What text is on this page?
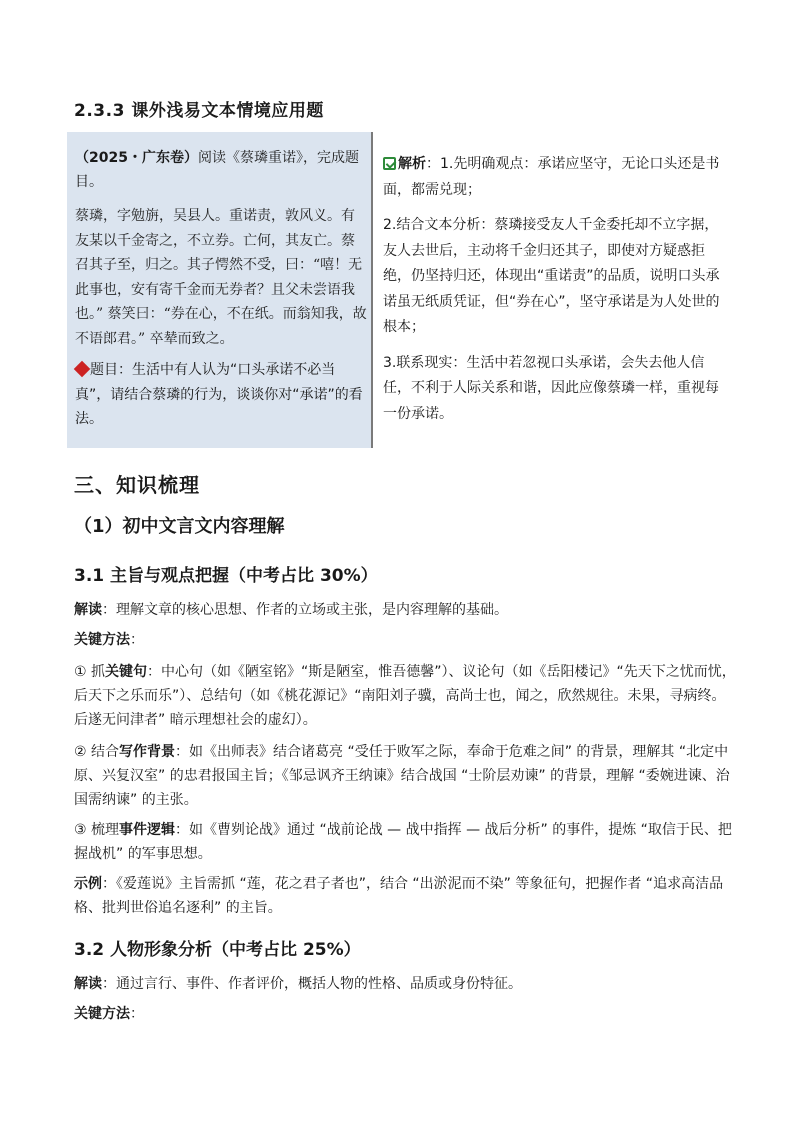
2.3.3 课外浅易文本情境应用题
（2025・广东卷）阅读《蔡璘重诺》，完成题目。
蔡璘，字勉旃，吴县人。重诺责，敦风义。有友某以千金寄之，不立券。亡何，其友亡。蔡召其子至，归之。其子愕然不受，曰：“嘻！无此事也，安有寄千金而无券者？且父未尝语我也。” 蔡笑曰：“券在心，不在纸。而翁知我，故不语郎君。” 卒辇而致之。
题目：生活中有人认为“口头承诺不必当真”，请结合蔡璘的行为，谈谈你对“承诺”的看法。

解析：1.先明确观点：承诺应坚守，无论口头还是书面，都需兑现；

2.结合文本分析：蔡璘接受友人千金委托却不立字据，友人去世后，主动将千金归还其子，即使对方疑惑拒绝，仍坚持归还，体现出“重诺责”的品质，说明口头承诺虽无纸质凭证，但“券在心”，坚守承诺是为人处世的根本；

3.联系现实：生活中若忽视口头承诺，会失去他人信任，不利于人际关系和谐，因此应像蔡璘一样，重视每一份承诺。

三、知识梳理
（1）初中文言文内容理解
3.1 主旨与观点把握（中考占比 30%）
解读：理解文章的核心思想、作者的立场或主张，是内容理解的基础。
关键方法：
① 抓关键句：中心句（如《陋室铭》“斯是陋室，惟吾德馨”）、议论句（如《岳阳楼记》“先天下之忧而忧，后天下之乐而乐”）、总结句（如《桃花源记》“南阳刘子骥，高尚士也，闻之，欣然规往。未果，寻病终。后遂无问津者” 暗示理想社会的虚幻）。
② 结合写作背景：如《出师表》结合诸葛亮 “受任于败军之际，奉命于危难之间” 的背景，理解其 “北定中原、兴复汉室” 的忠君报国主旨；《邹忌讽齐王纳谏》结合战国 “士阶层劝谏” 的背景，理解 “委婉进谏、治国需纳谏” 的主张。
③ 梳理事件逻辑：如《曹刿论战》通过 “战前论战 — 战中指挥 — 战后分析” 的事件，提炼 “取信于民、把握战机” 的军事思想。
示例：《爱莲说》主旨需抓 “莲，花之君子者也”，结合 “出淤泥而不染” 等象征句，把握作者 “追求高洁品格、批判世俗追名逐利” 的主旨。
3.2 人物形象分析（中考占比 25%）
解读：通过言行、事件、作者评价，概括人物的性格、品质或身份特征。
关键方法：
